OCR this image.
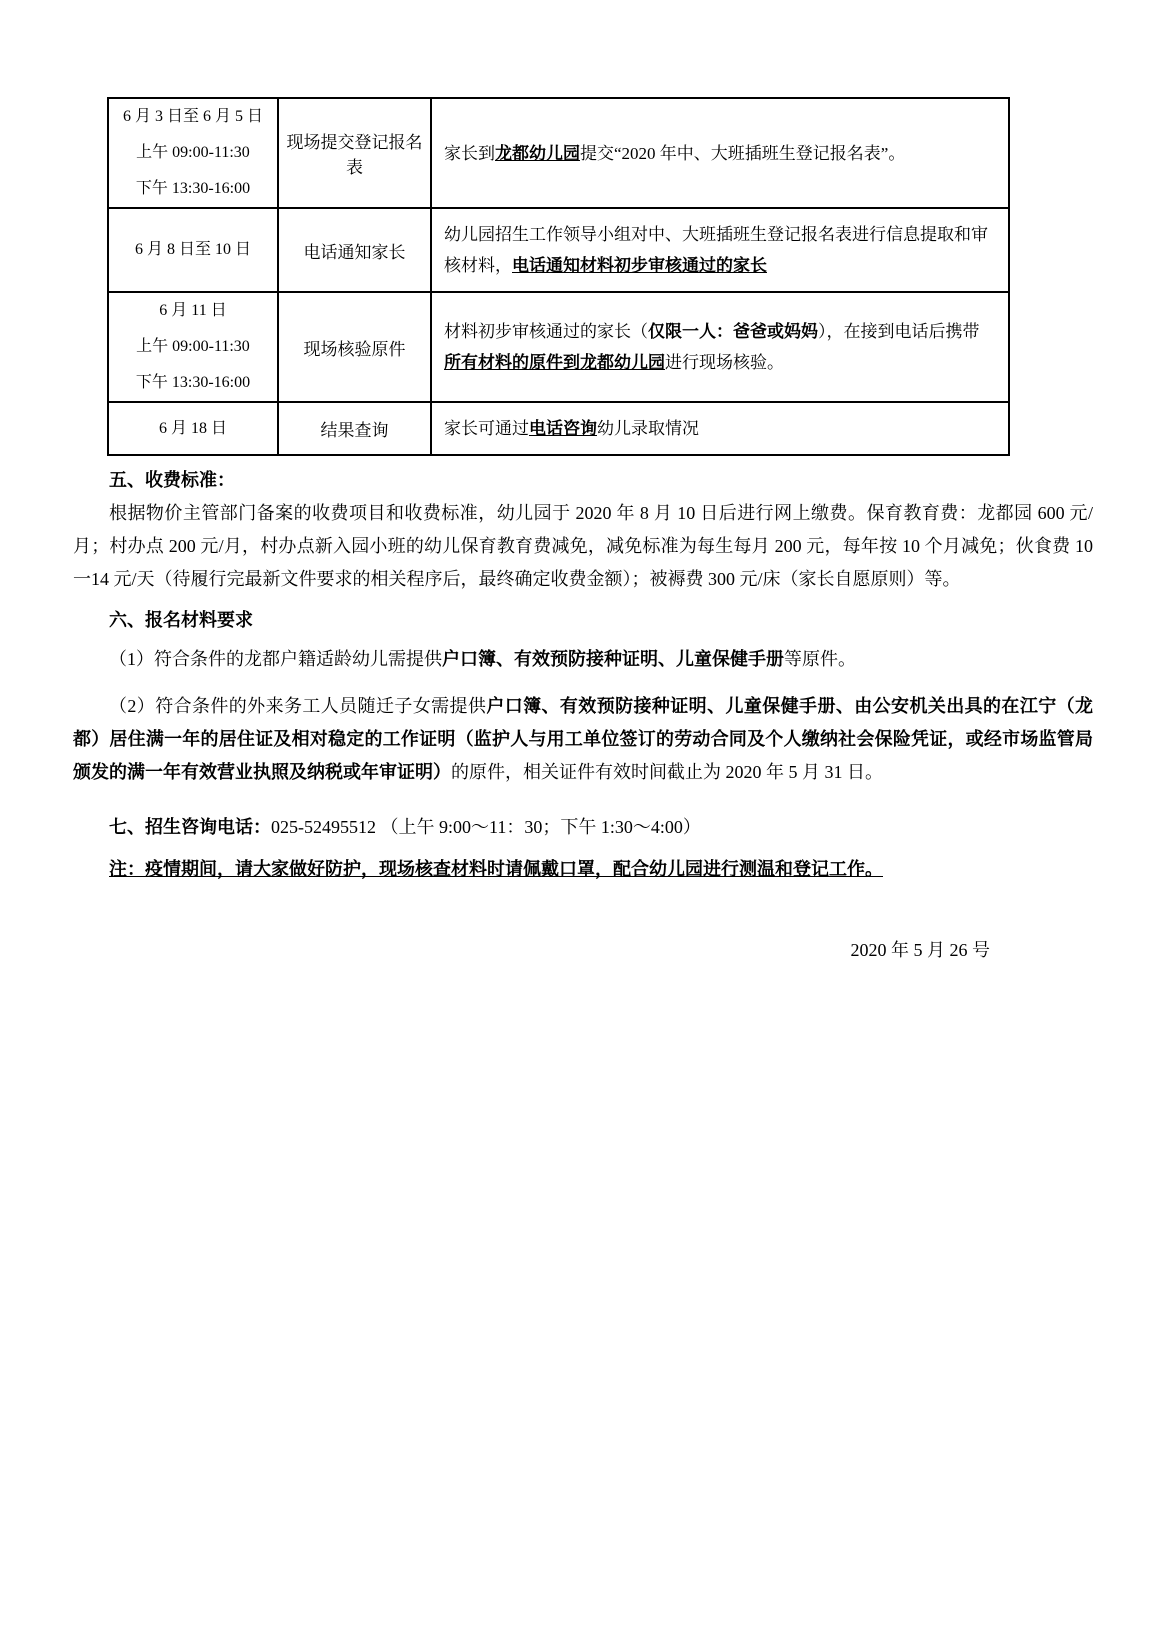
6 月 3 日至 6 月 5 日
上午 09:00-11:30
下午 13:30-16:00	现场提交登记报名表	家长到龙都幼儿园提交“2020 年中、大班插班生登记报名表”。

6 月 8 日至 10 日	电话通知家长	幼儿园招生工作领导小组对中、大班插班生登记报名表进行信息提取和审核材料，电话通知材料初步审核通过的家长

6 月 11 日
上午 09:00-11:30
下午 13:30-16:00	现场核验原件	材料初步审核通过的家长（仅限一人：爸爸或妈妈），在接到电话后携带所有材料的原件到龙都幼儿园进行现场核验。

6 月 18 日	结果查询	家长可通过电话咨询幼儿录取情况
五、收费标准：
根据物价主管部门备案的收费项目和收费标准，幼儿园于 2020 年 8 月 10 日后进行网上缴费。保育教育费：龙都园 600 元/月；村办点 200 元/月，村办点新入园小班的幼儿保育教育费减免，减免标准为每生每月 200 元，每年按 10 个月减免；伙食费 10一14 元/天（待履行完最新文件要求的相关程序后，最终确定收费金额）；被褥费 300 元/床（家长自愿原则）等。
六、报名材料要求
（1）符合条件的龙都户籍适龄幼儿需提供户口簿、有效预防接种证明、儿童保健手册等原件。
（2）符合条件的外来务工人员随迁子女需提供户口簿、有效预防接种证明、儿童保健手册、由公安机关出具的在江宁（龙都）居住满一年的居住证及相对稳定的工作证明（监护人与用工单位签订的劳动合同及个人缴纳社会保险凭证，或经市场监管局颁发的满一年有效营业执照及纳税或年审证明）的原件，相关证件有效时间截止为 2020 年 5 月 31 日。
七、招生咨询电话：025-52495512 （上午 9:00～11：30；下午 1:30～4:00）
注：疫情期间，请大家做好防护，现场核查材料时请佩戴口罩，配合幼儿园进行测温和登记工作。
2020 年 5 月 26 号
